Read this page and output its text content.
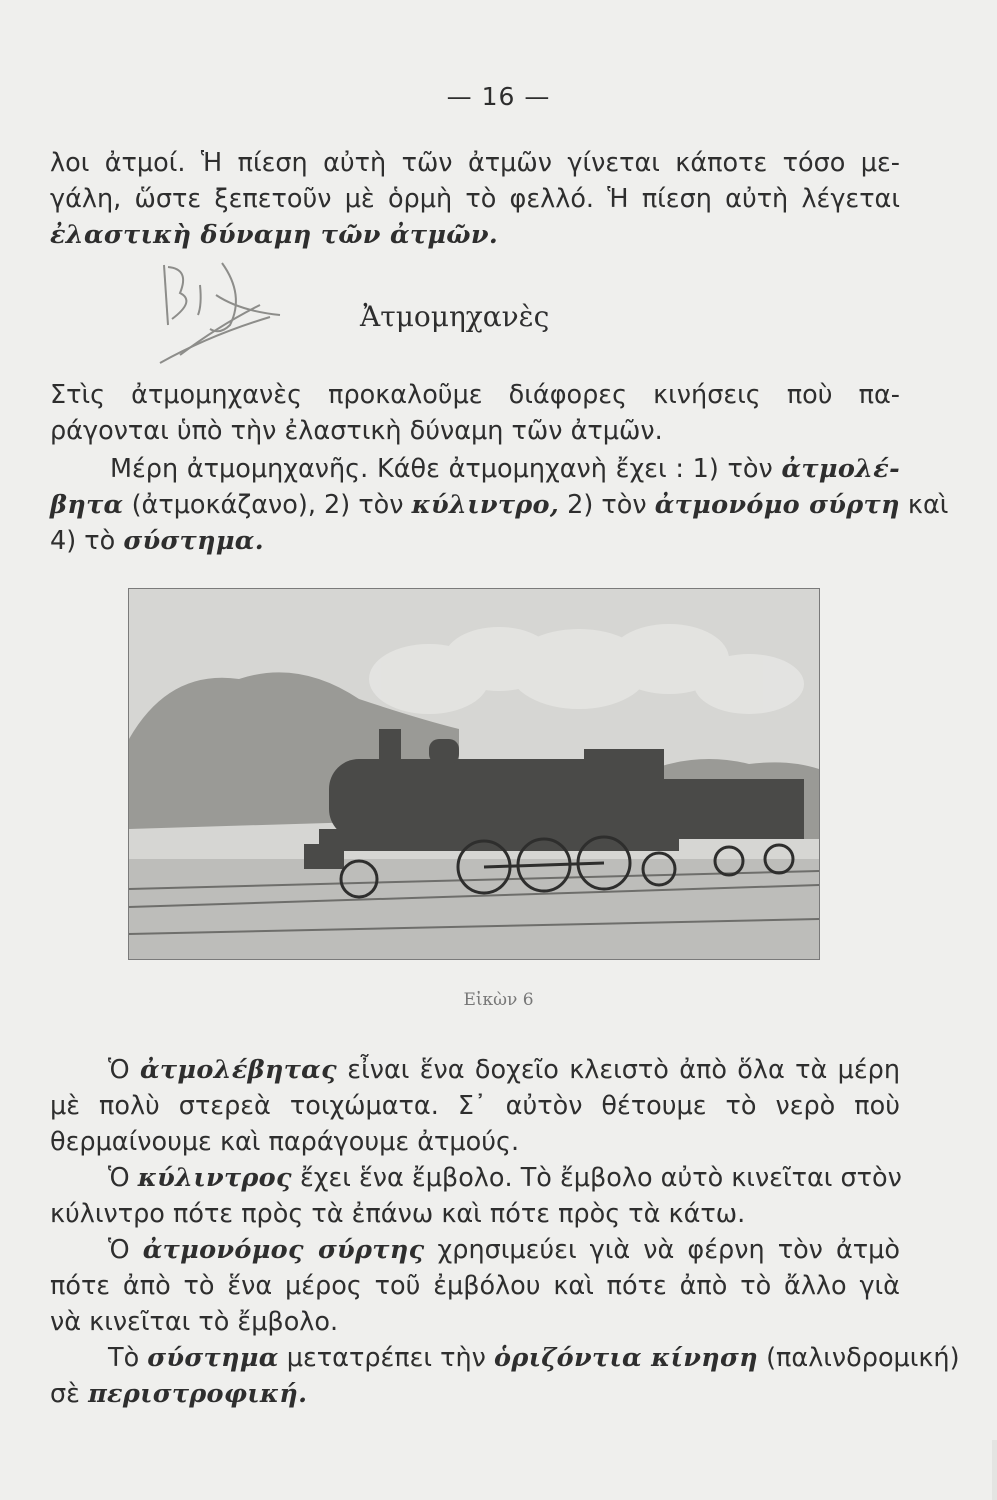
— 16 —
λοι ἀτμοί. Ἡ πίεση αὐτὴ τῶν ἀτμῶν γίνεται κάποτε τόσο με-
γάλη, ὥστε ξεπετοῦν μὲ ὁρμὴ τὸ φελλό. Ἡ πίεση αὐτὴ λέγεται
ἐλαστικὴ δύναμη τῶν ἀτμῶν.
Β Ι Δ
Ἀτμομηχανὲς
Στὶς ἀτμομηχανὲς προκαλοῦμε διάφορες κινήσεις ποὺ πα-
ράγονται ὑπὸ τὴν ἐλαστικὴ δύναμη τῶν ἀτμῶν.
Μέρη ἀτμομηχανῆς. Κάθε ἀτμομηχανὴ ἔχει : 1) τὸν ἀτμολέ-
βητα (ἀτμοκάζανο), 2) τὸν κύλιντρο, 2) τὸν ἀτμονόμο σύρτη καὶ
4) τὸ σύστημα.
Εἰκὼν 6
Ὁ ἀτμολέβητας εἶναι ἕνα δοχεῖο κλειστὸ ἀπὸ ὅλα τὰ μέρη
μὲ πολὺ στερεὰ τοιχώματα. Σ᾽ αὐτὸν θέτουμε τὸ νερὸ ποὺ
θερμαίνουμε καὶ παράγουμε ἀτμούς.
Ὁ κύλιντρος ἔχει ἕνα ἔμβολο. Τὸ ἔμβολο αὐτὸ κινεῖται στὸν
κύλιντρο πότε πρὸς τὰ ἐπάνω καὶ πότε πρὸς τὰ κάτω.
Ὁ ἀτμονόμος σύρτης χρησιμεύει γιὰ νὰ φέρνη τὸν ἀτμὸ
πότε ἀπὸ τὸ ἕνα μέρος τοῦ ἐμβόλου καὶ πότε ἀπὸ τὸ ἄλλο γιὰ
νὰ κινεῖται τὸ ἔμβολο.
Τὸ σύστημα μετατρέπει τὴν ὁριζόντια κίνηση (παλινδρομική)
σὲ περιστροφική.
